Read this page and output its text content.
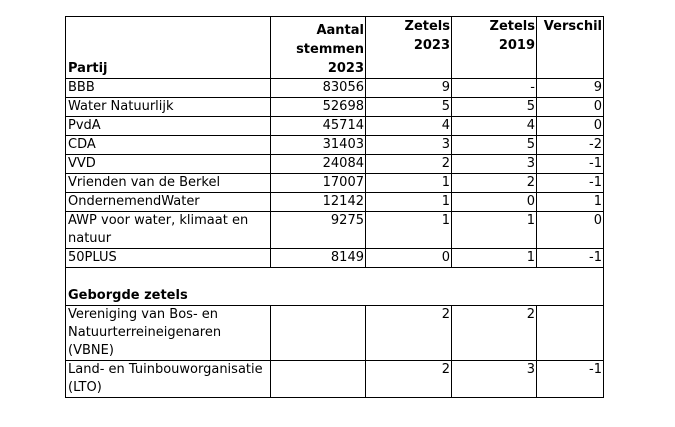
Partij	Aantal stemmen 2023	Zetels 2023	Zetels 2019	Verschil
BBB	83056	9	-	9
Water Natuurlijk	52698	5	5	0
PvdA	45714	4	4	0
CDA	31403	3	5	-2
VVD	24084	2	3	-1
Vrienden van de Berkel	17007	1	2	-1
OndernemendWater	12142	1	0	1
AWP voor water, klimaat en natuur	9275	1	1	0
50PLUS	8149	0	1	-1
Geborgde zetels				
Vereniging van Bos- en Natuurterreineigenaren (VBNE)		2	2	
Land- en Tuinbouworganisatie (LTO)		2	3	-1
